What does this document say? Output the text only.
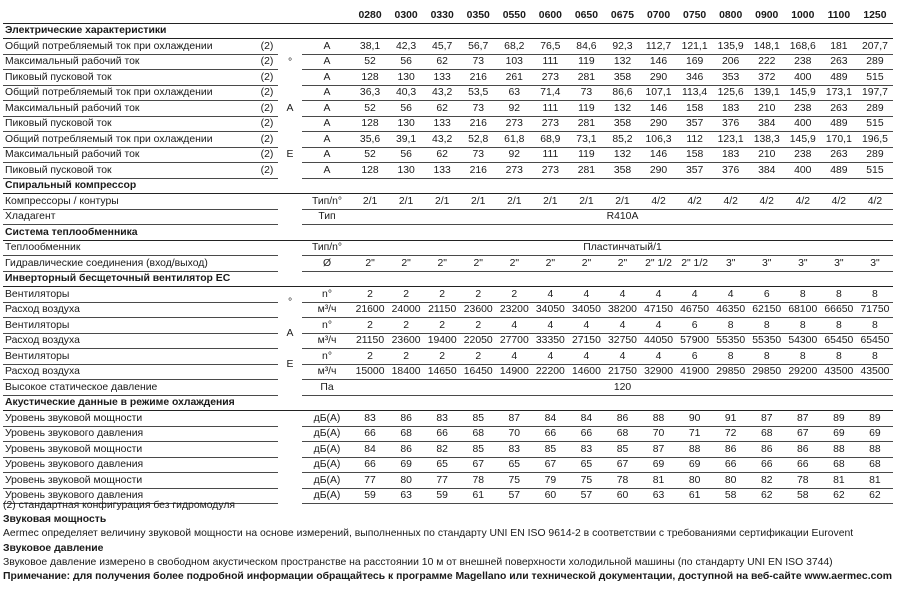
				0280	0300	0330	0350	0550	0600	0650	0675	0700	0750	0800	0900	1000	1100	1250
Электрические характеристики																		
Общий потребляемый ток при охлаждении	(2)	°	A	38,1	42,3	45,7	56,7	68,2	76,5	84,6	92,3	112,7	121,1	135,9	148,1	168,6	181	207,7
Максимальный рабочий ток	(2)		A	52	56	62	73	103	111	119	132	146	169	206	222	238	263	289
Пиковый пусковой ток	(2)		A	128	130	133	216	261	273	281	358	290	346	353	372	400	489	515
Общий потребляемый ток при охлаждении	(2)	A	A	36,3	40,3	43,2	53,5	63	71,4	73	86,6	107,1	113,4	125,6	139,1	145,9	173,1	197,7
Максимальный рабочий ток	(2)		A	52	56	62	73	92	111	119	132	146	158	183	210	238	263	289
Пиковый пусковой ток	(2)		A	128	130	133	216	273	273	281	358	290	357	376	384	400	489	515
Общий потребляемый ток при охлаждении	(2)	E	A	35,6	39,1	43,2	52,8	61,8	68,9	73,1	85,2	106,3	112	123,1	138,3	145,9	170,1	196,5
Максимальный рабочий ток	(2)		A	52	56	62	73	92	111	119	132	146	158	183	210	238	263	289
Пиковый пусковой ток	(2)		A	128	130	133	216	273	273	281	358	290	357	376	384	400	489	515
Спиральный компрессор																		
Компрессоры / контуры			Тип/n°	2/1	2/1	2/1	2/1	2/1	2/1	2/1	2/1	4/2	4/2	4/2	4/2	4/2	4/2	4/2
Хладагент			Тип	R410A														
Система теплообменника																		
Теплообменник			Тип/n°	Пластинчатый/1														
Гидравлические соединения (вход/выход)			Ø	2"	2"	2"	2"	2"	2"	2"	2"	2" 1/2	2" 1/2	3"	3"	3"	3"	3"
Инверторный бесщеточный вентилятор EC																		
Вентиляторы		°	n°	2	2	2	2	2	4	4	4	4	4	4	6	8	8	8
Расход воздуха			м³/ч	21600	24000	21150	23600	23200	34050	34050	38200	47150	46750	46350	62150	68100	66650	71750
Вентиляторы		A	n°	2	2	2	2	4	4	4	4	4	6	8	8	8	8	8
Расход воздуха			м³/ч	21150	23600	19400	22050	27700	33350	27150	32750	44050	57900	55350	55350	54300	65450	65450
Вентиляторы		E	n°	2	2	2	2	4	4	4	4	4	6	8	8	8	8	8
Расход воздуха			м³/ч	15000	18400	14650	16450	14900	22200	14600	21750	32900	41900	29850	29850	29200	43500	43500
Высокое статическое давление			Па	120														
Акустические данные в режиме охлаждения																		
Уровень звуковой мощности			дБ(A)	83	86	83	85	87	84	84	86	88	90	91	87	87	89	89
Уровень звукового давления			дБ(A)	66	68	66	68	70	66	66	68	70	71	72	68	67	69	69
Уровень звуковой мощности			дБ(A)	84	86	82	85	83	85	83	85	87	88	86	86	86	88	88
Уровень звукового давления			дБ(A)	66	69	65	67	65	67	65	67	69	69	66	66	66	68	68
Уровень звуковой мощности			дБ(A)	77	80	77	78	75	79	75	78	81	80	80	82	78	81	81
Уровень звукового давления			дБ(A)	59	63	59	61	57	60	57	60	63	61	58	62	58	62	62
(2) стандартная конфигурация без гидромодуля
Звуковая мощность
Aermec определяет величину звуковой мощности на основе измерений, выполненных по стандарту UNI EN ISO 9614-2 в соответствии с требованиями сертификации Eurovent
Звуковое давление
Звуковое давление измерено в свободном акустическом пространстве на расстоянии 10 м от внешней поверхности холодильной машины (по стандарту UNI EN ISO 3744)
Примечание: для получения более подробной информации обращайтесь к программе Magellano или технической документации, доступной на веб-сайте www.aermec.com
